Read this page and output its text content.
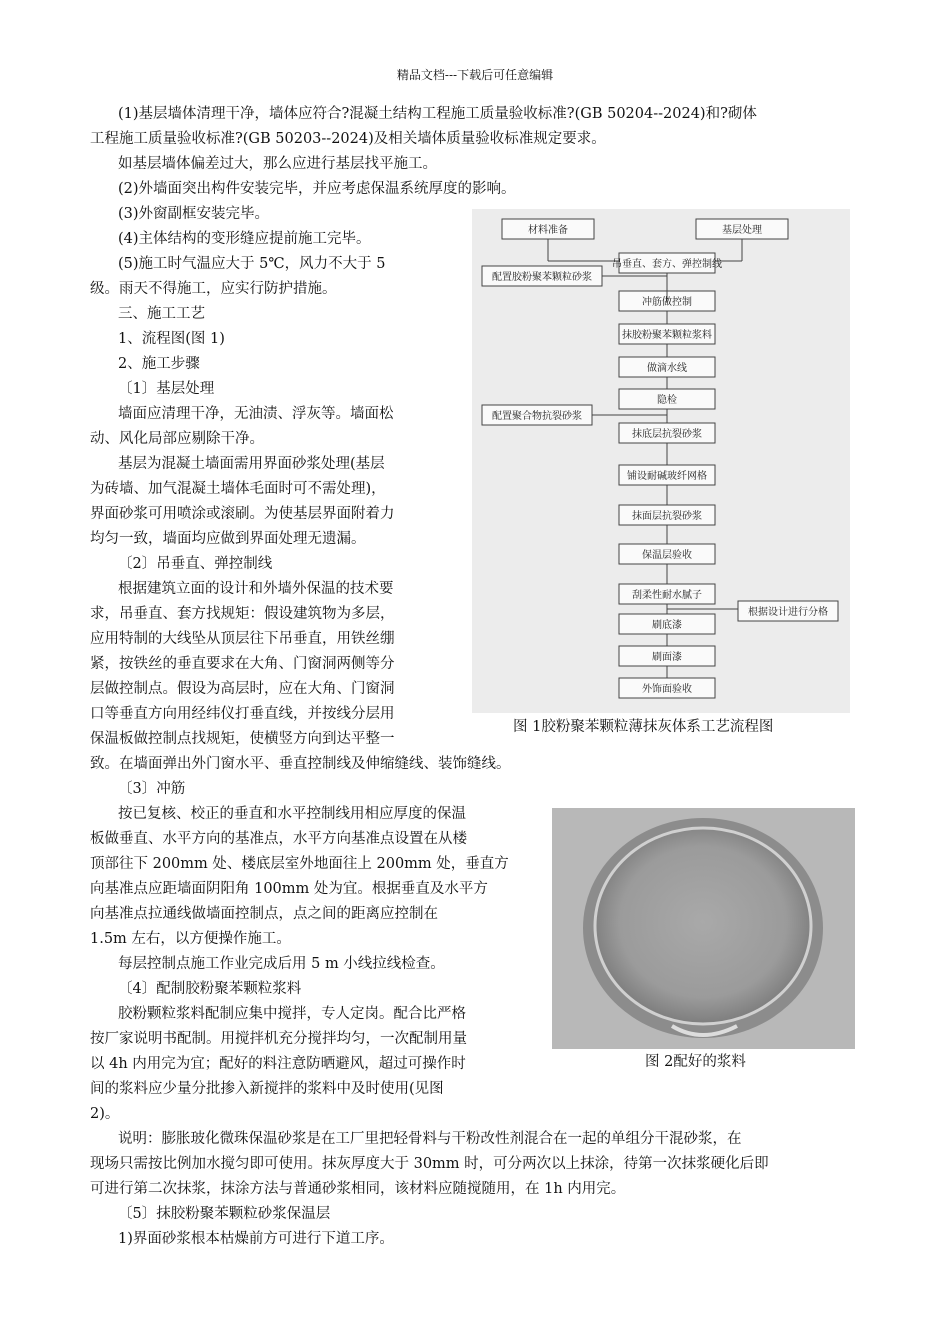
精品文档---下载后可任意编辑
(1)基层墙体清理干净，墙体应符合?混凝土结构工程施工质量验收标准?(GB 50204--2024)和?砌体
工程施工质量验收标准?(GB 50203--2024)及相关墙体质量验收标准规定要求。
如基层墙体偏差过大，那么应进行基层找平施工。
(2)外墙面突出构件安装完毕，并应考虑保温系统厚度的影响。
(3)外窗副框安装完毕。
(4)主体结构的变形缝应提前施工完毕。
(5)施工时气温应大于 5℃，风力不大于 5
级。雨天不得施工，应实行防护措施。
三、施工工艺
1、流程图(图 1)
2、施工步骤
〔1〕基层处理
墙面应清理干净，无油渍、浮灰等。墙面松
动、风化局部应剔除干净。
基层为混凝土墙面需用界面砂浆处理(基层
为砖墙、加气混凝土墙体毛面时可不需处理)，
界面砂浆可用喷涂或滚刷。为使基层界面附着力
均匀一致，墙面均应做到界面处理无遗漏。
〔2〕吊垂直、弹控制线
根据建筑立面的设计和外墙外保温的技术要
求，吊垂直、套方找规矩：假设建筑物为多层，
应用特制的大线坠从顶层往下吊垂直，用铁丝绷
紧，按铁丝的垂直要求在大角、门窗洞两侧等分
层做控制点。假设为高层时，应在大角、门窗洞
口等垂直方向用经纬仪打垂直线，并按线分层用
保温板做控制点找规矩，使横竖方向到达平整一
致。在墙面弹出外门窗水平、垂直控制线及伸缩缝线、装饰缝线。
〔3〕冲筋
按已复核、校正的垂直和水平控制线用相应厚度的保温
板做垂直、水平方向的基准点，水平方向基准点设置在从楼
顶部往下 200mm 处、楼底层室外地面往上 200mm 处，垂直方
向基准点应距墙面阴阳角 100mm 处为宜。根据垂直及水平方
向基准点拉通线做墙面控制点，点之间的距离应控制在
1.5m 左右，以方便操作施工。
每层控制点施工作业完成后用 5 m 小线拉线检查。
〔4〕配制胶粉聚苯颗粒浆料
胶粉颗粒浆料配制应集中搅拌，专人定岗。配合比严格
按厂家说明书配制。用搅拌机充分搅拌均匀，一次配制用量
以 4h 内用完为宜；配好的料注意防晒避风，超过可操作时
间的浆料应少量分批掺入新搅拌的浆料中及时使用(见图
2)。
说明：膨胀玻化微珠保温砂浆是在工厂里把轻骨料与干粉改性剂混合在一起的单组分干混砂浆，在
现场只需按比例加水搅匀即可使用。抹灰厚度大于 30mm 时，可分两次以上抹涂，待第一次抹浆硬化后即
可进行第二次抹浆，抹涂方法与普通砂浆相同，该材料应随搅随用，在 1h 内用完。
〔5〕抹胶粉聚苯颗粒砂浆保温层
1)界面砂浆根本枯燥前方可进行下道工序。
材料准备	基层处理
吊垂直、套方、弹控制线
冲筋做控制
抹胶粉聚苯颗粒浆料
做滴水线
隐检
抹底层抗裂砂浆
铺设耐碱玻纤网格
抹面层抗裂砂浆
保温层验收
刮柔性耐水腻子
刷底漆
刷面漆
外饰面验收
配置胶粉聚苯颗粒砂浆
配置聚合物抗裂砂浆
根据设计进行分格
图 1胶粉聚苯颗粒薄抹灰体系工艺流程图
图 2配好的浆料
